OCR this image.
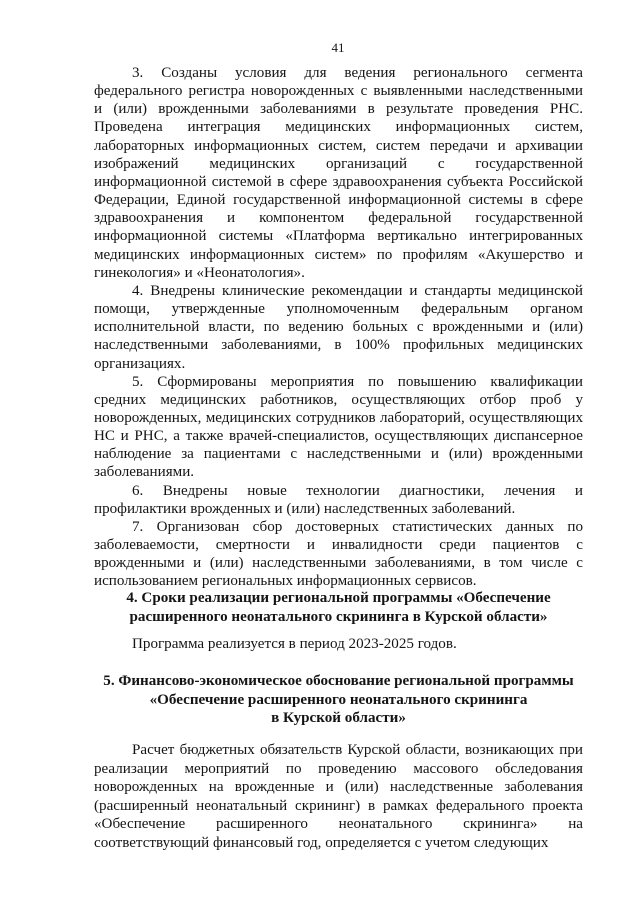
41

3. Созданы условия для ведения регионального сегмента федерального регистра новорожденных с выявленными наследственными и (или) врожденными заболеваниями в результате проведения РНС. Проведена интеграция медицинских информационных систем, лабораторных информационных систем, систем передачи и архивации изображений медицинских организаций с государственной информационной системой в сфере здравоохранения субъекта Российской Федерации, Единой государственной информационной системы в сфере здравоохранения и компонентом федеральной государственной информационной системы «Платформа вертикально интегрированных медицинских информационных систем» по профилям «Акушерство и гинекология» и «Неонатология».

4. Внедрены клинические рекомендации и стандарты медицинской помощи, утвержденные уполномоченным федеральным органом исполнительной власти, по ведению больных с врожденными и (или) наследственными заболеваниями, в 100% профильных медицинских организациях.

5. Сформированы мероприятия по повышению квалификации средних медицинских работников, осуществляющих отбор проб у новорожденных, медицинских сотрудников лабораторий, осуществляющих НС и РНС, а также врачей-специалистов, осуществляющих диспансерное наблюдение за пациентами с наследственными и (или) врожденными заболеваниями.

6. Внедрены новые технологии диагностики, лечения и профилактики врожденных и (или) наследственных заболеваний.

7. Организован сбор достоверных статистических данных по заболеваемости, смертности и инвалидности среди пациентов с врожденными и (или) наследственными заболеваниями, в том числе с использованием региональных информационных сервисов.

4. Сроки реализации региональной программы «Обеспечение
расширенного неонатального скрининга в Курской области»
Программа реализуется в период 2023-2025 годов.
5. Финансово-экономическое обоснование региональной программы
«Обеспечение расширенного неонатального скрининга
в Курской области»
Расчет бюджетных обязательств Курской области, возникающих при реализации мероприятий по проведению массового обследования новорожденных на врожденные и (или) наследственные заболевания (расширенный неонатальный скрининг) в рамках федерального проекта «Обеспечение расширенного неонатального скрининга» на соответствующий финансовый год, определяется с учетом следующих
